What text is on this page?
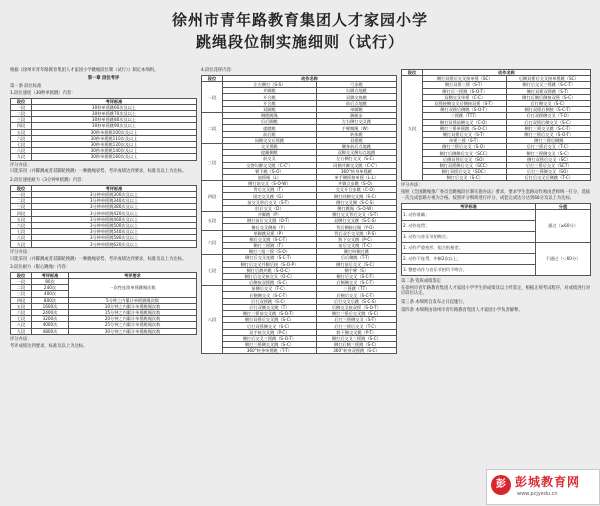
徐州市青年路教育集团人才家园小学
跳绳段位制实施细则（试行）

根据《徐州市青年路教育集团人才家园小学跳绳段位制（试行）》制定本细则。

第一章 段位考评

第一条 段位标准

1.段位速度（30秒单摇跳）内容：

段位	考评标准
一段	30秒单摇跳60次及以上
二段	30秒单摇跳70次及以上
三段	30秒单摇跳80次及以上
四段	30秒单摇跳90次及以上
五段	30秒单摇跳100次及以上
六段	30秒单摇跳110次及以上
七段	30秒单摇跳120次及以上
八段	30秒单摇跳140次及以上
九段	30秒单摇跳160次及以上

评分办法：

只能采用（并脚跳或者双脚轮换跳）一种跳绳姿势，考评成绩达到要求，标准及以上为达标。

2.段位速度耐力（3分钟单摇跳）内容：

段位	考评标准
一段	3分钟单摇跳300次及以上
二段	3分钟单摇跳340次及以上
三段	3分钟单摇跳380次及以上
四段	3分钟单摇跳420次及以上
五段	3分钟单摇跳460次及以上
六段	3分钟单摇跳500次及以上
七段	3分钟单摇跳540次及以上
八段	3分钟单摇跳580次及以上
九段	3分钟单摇跳620次及以上

评分办法：

只能采用（并脚跳或者双脚轮换跳）一种跳绳姿势，考评成绩达到要求，标准及以上为达标。

3.段位耐力（限心跳绳）内容：

段位	考评标准	考评要求
一段	80次	一次性连续单摇跳绳次数
二段	240次	
三段	400次	
四段	800次	5分钟之内累计单摇跳绳次数
五段	1600次	10分钟之内累计单摇跳绳次数
六段	2400次	15分钟之内累计单摇跳绳次数
七段	3200次	20分钟之内累计单摇跳绳次数
八段	4000次	25分钟之内累计单摇跳绳次数
九段	4800次	30分钟之内累计单摇跳绳次数

评分办法：

考评成绩达到要求，标准及以上为达标。

4.段位花样内容：

段位	动作名称	
一段	左右侧打（S-S）	弓步跳
	并脚跳	勾脚点地跳
	开合跳	双脚交换跳
	开合跳	前后点地跳
	双脚跳	单脚跳
二段	侧摆跳绳	踢腿步
	后后脚跳	左右侧打交叉跳
	提膝跳	手臂缠绳（W）
	前后跳	转体跳
	同侧交叉后摇跳	双摇跳
三段	交叉摇跳	侧身前后点地跳
	提踵侧跳	双脚交叉侧勾点地跳
	前交叉	左右侧打交叉（S-C）
	交替勾脚交叉跳（C-C'）	同侧并脚交叉跳（C-C'）
	臂下跳（S-O）	360°转身单摇跳
	放摇绳（L）	单手侧摇接单摇（L-L）
四段	侧打前交叉（S-O-W）	并脚点步跳（S-O）
	背后交叉跳（T）	交叉开合步跳（C-O）
	固定交叉跳（G）	侧打同侧交叉跳（S-C）
	前交叉带后交叉（S-T）	侧打交叉侧（S-C-S）
	肘后交叉（D）	侧打跳绳（S-O-W）
五段	并脚跳（P）	侧打交叉背后交叉（S-T）
	侧打前后交叉跳（O-T）	双侧打交叉跳（S-C-S）
	横后交叉侧接（Y）	背后侧接过绳（Y-O）
六段	单脚跳双摇（P）	背后双手交叉跳（P-S）
	侧后交叉跳（S-C-T）	跨下交叉跳（P-C）
	侧打三摇跳（T）	前后交叉跳（T-C）
	侧打三组三摇（S-O）	侧打叫侧过跳
七段	侧打后交叉连跳（S-C-T）	后后侧跳（T-T）
	侧打后交叉并脚后接（S-O-P）	侧打前后交叉（S-C）
	侧打后跳并跳（S-O-C）	侧手臂（S）
	侧打后交叉接交叉（O-C）	侧打后交叉（S-C-T）
	后侧接双摇跳（S-C）	后侧侧交叉（S-C-T）
八段	前侧后交叉（T-C）	三摇跳（TT）
	后侧侧交叉（S-C-T）	后侧后交叉（S-C-T）
	后打双摇跳（S-C）	后打交叉后跳（S-C-S）
	后打双侧交叉跳（T）	后侧交叉接双摇（S-O-T）
	侧打三摇前交叉跳（S-O-T）	侧打三摇后交叉跳（S-C）
	侧打双摇后交叉跳（S-C）	后打三摇侧交叉（S-T）
	后打双摇侧交叉（S-C）	后打三摇后交叉（T-C）
	双手接交叉跳（P-C）	跨下侧交叉跳（P-T）
	侧打后交叉三摇跳（S-O-T）	侧打后交叉三摇跳（S-C）
	侧打三摇侧交叉跳（S-C）	侧打后侧三摇跳（S-C）
	360°转身单摇跳（T-T）	360°转身双摇跳（S-C）
段位	动作名称	
九段	侧打双摇后交叉接单摇（SC）	后侧双摇后交叉接单摇跳（SC）
	侧打双摇三摇（S-T）	侧打后交叉三摇跳（S-C-T）
	侧打后三摇跳（S-O-T）	侧打双摇双摇跳（S-T）
	双侧交叉单摇（C-C）	侧打后侧后侧接双摇（S-C）
	双摇接侧交叉后侧接双摇（S-T）	后打侧交叉（S-C）
	侧打双摇后侧跳（S-O-T）	侧打双摇后侧接（S-C-T）
	三摇跳（TTT）	后打双摇侧交叉（T-O）
	侧打双摇前侧交叉（C-O）	后打双摇后侧交叉（S-C）
	侧打三摇单摇跳（S-O-C）	侧打三摇交叉跳（S-C-T）
	侧打双摇后交叉（S-T）	侧打三摇后交叉（S-O-T）
	单摇三摇（S-T）	侧打三摇后侧跳
	侧打三摇后交叉（S-O）	后打三摇后交叉（T-C）
	侧打后侧侧后交叉（SCC）	侧打三摇侧交叉（S-C）
	后侧双摇后交叉（SO）	侧打双摇后交叉（SC）
	侧打双摇侧后交叉（SCC）	后打三摇后交叉（SCT）
	侧打双摇后交叉（SOC）	后打三摇侧交叉（SO）
	侧打后交叉（S-C）	后打后交叉后侧跳（T-C）

评分办法：

按照《全国跳绳推广委员会跳绳段位制实施办法》要求，要求学生套路动作须由老师统一打分，选拔一次完成套路方视为合格。按照评分细则进行评分，成套完成达分达到60分及以上为达标。

考评标准	分值
1. 动作准确；	通过（≥60分）
2. 动作连贯；	
3. 动作与音乐节拍吻合；	
1. 动作严重变形、组合衔接差；	不通过（＜60分）
2. 动作不连贯，中断2次以上；	
3. 整套动作与音乐节拍均不吻合。	

第二条 资质成绩鉴定

在徐州市青年路教育集团人才家园小学学生的成绩及以上经鉴定，根据正规考试程序，对成绩进行对应段位认定。

第三条 本细则自发布之日起施行。

第四条 本细则由徐州市青年路教育集团人才家园小学负责解释。

彭 彭城教育网
www.pcjyedu.cn
